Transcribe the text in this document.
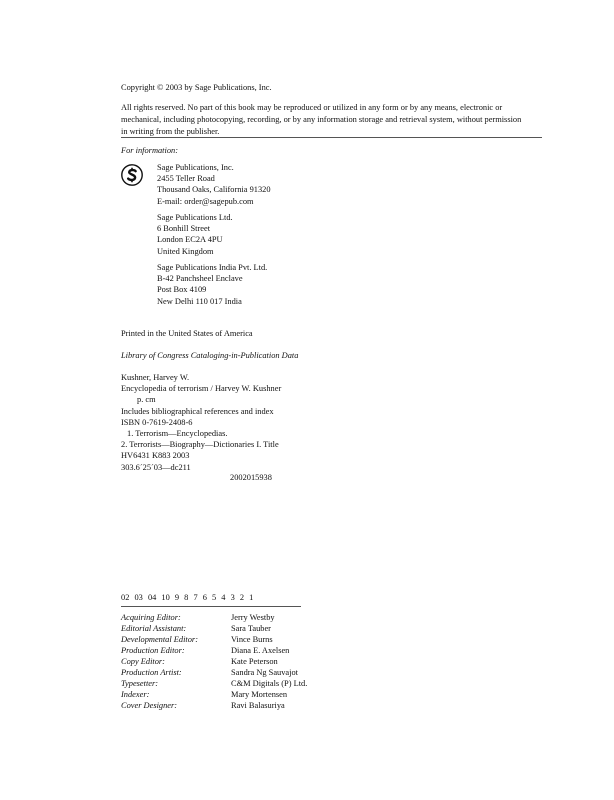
Copyright © 2003 by Sage Publications, Inc.
All rights reserved. No part of this book may be reproduced or utilized in any form or by any means, electronic or
mechanical, including photocopying, recording, or by any information storage and retrieval system, without permission
in writing from the publisher.
For information:
Sage Publications, Inc.
2455 Teller Road
Thousand Oaks, California 91320
E-mail: order@sagepub.com
Sage Publications Ltd.
6 Bonhill Street
London EC2A 4PU
United Kingdom
Sage Publications India Pvt. Ltd.
B-42 Panchsheel Enclave
Post Box 4109
New Delhi 110 017 India
Printed in the United States of America
Library of Congress Cataloging-in-Publication Data
Kushner, Harvey W.
Encyclopedia of terrorism / Harvey W. Kushner
p. cm
Includes bibliographical references and index
ISBN 0-7619-2408-6
1. Terrorism—Encyclopedias.
2. Terrorists—Biography—Dictionaries I. Title
HV6431 K883 2003
303.6´25´03—dc211
2002015938
02 03 04 10 9 8 7 6 5 4 3 2 1
Acquiring Editor:	Jerry Westby
Editorial Assistant:	Sara Tauber
Developmental Editor:	Vince Burns
Production Editor:	Diana E. Axelsen
Copy Editor:	Kate Peterson
Production Artist:	Sandra Ng Sauvajot
Typesetter:	C&M Digitals (P) Ltd.
Indexer:	Mary Mortensen
Cover Designer:	Ravi Balasuriya
